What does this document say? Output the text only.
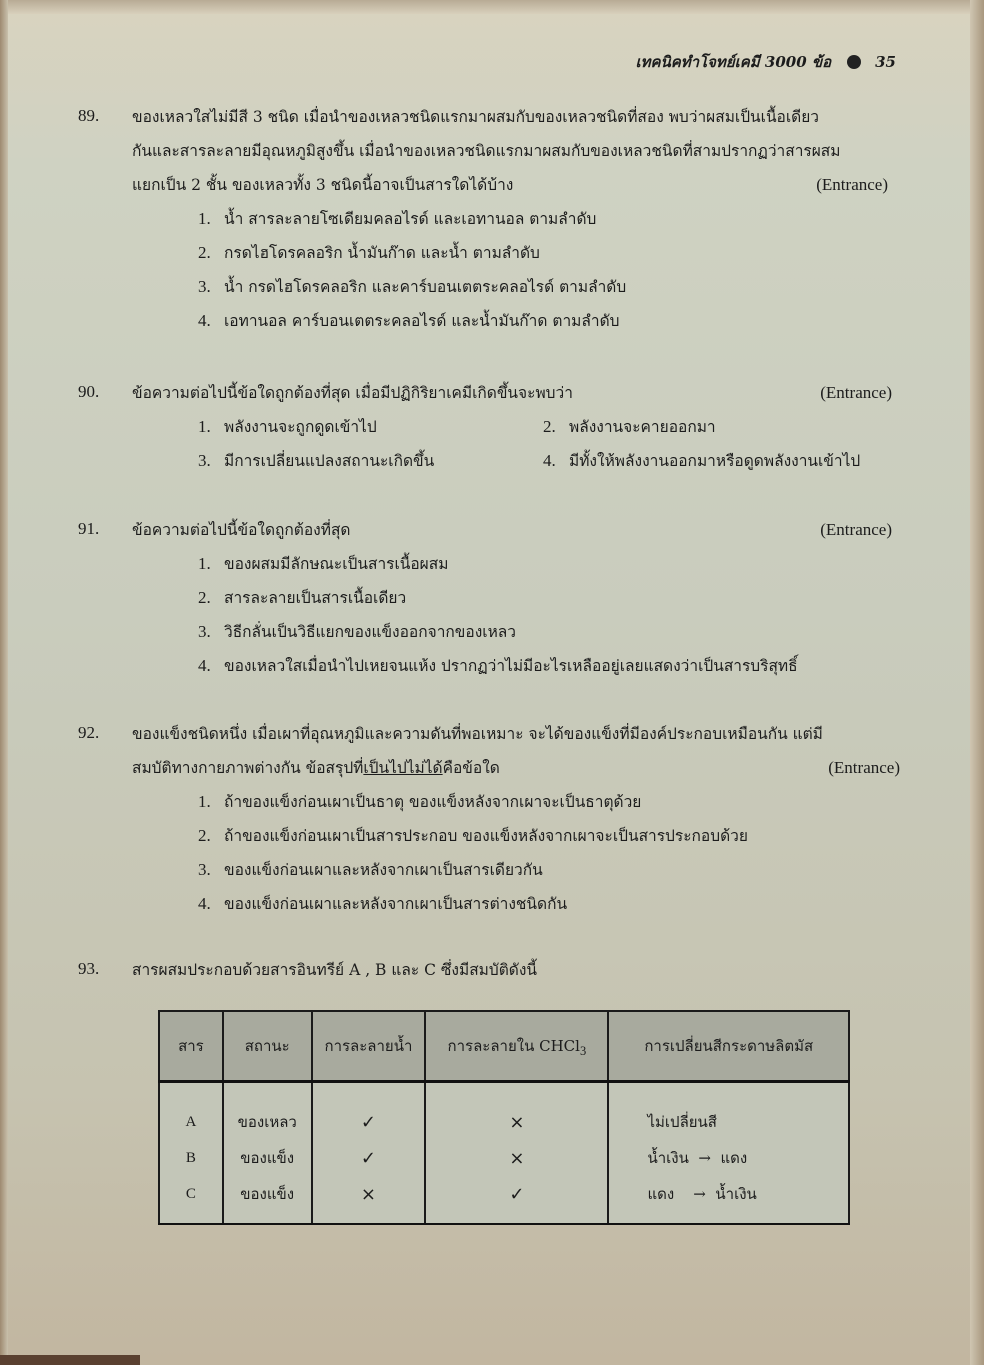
เทคนิคทำโจทย์เคมี 3000 ข้อ	35
89.	ของเหลวใสไม่มีสี 3 ชนิด เมื่อนำของเหลวชนิดแรกมาผสมกับของเหลวชนิดที่สอง พบว่าผสมเป็นเนื้อเดียว
กันและสารละลายมีอุณหภูมิสูงขึ้น เมื่อนำของเหลวชนิดแรกมาผสมกับของเหลวชนิดที่สามปรากฏว่าสารผสม
แยกเป็น 2 ชั้น ของเหลวทั้ง 3 ชนิดนี้อาจเป็นสารใดได้บ้าง	(Entrance)
1. น้ำ สารละลายโซเดียมคลอไรด์ และเอทานอล ตามลำดับ
2. กรดไฮโดรคลอริก น้ำมันก๊าด และน้ำ ตามลำดับ
3. น้ำ กรดไฮโดรคลอริก และคาร์บอนเตตระคลอไรด์ ตามลำดับ
4. เอทานอล คาร์บอนเตตระคลอไรด์ และน้ำมันก๊าด ตามลำดับ
90.	ข้อความต่อไปนี้ข้อใดถูกต้องที่สุด เมื่อมีปฏิกิริยาเคมีเกิดขึ้นจะพบว่า	(Entrance)
1. พลังงานจะถูกดูดเข้าไป	2. พลังงานจะคายออกมา
3. มีการเปลี่ยนแปลงสถานะเกิดขึ้น	4. มีทั้งให้พลังงานออกมาหรือดูดพลังงานเข้าไป
91.	ข้อความต่อไปนี้ข้อใดถูกต้องที่สุด	(Entrance)
1. ของผสมมีลักษณะเป็นสารเนื้อผสม
2. สารละลายเป็นสารเนื้อเดียว
3. วิธีกลั่นเป็นวิธีแยกของแข็งออกจากของเหลว
4. ของเหลวใสเมื่อนำไปเหยจนแห้ง ปรากฏว่าไม่มีอะไรเหลืออยู่เลยแสดงว่าเป็นสารบริสุทธิ์
92.	ของแข็งชนิดหนึ่ง เมื่อเผาที่อุณหภูมิและความดันที่พอเหมาะ จะได้ของแข็งที่มีองค์ประกอบเหมือนกัน แต่มี
สมบัติทางกายภาพต่างกัน ข้อสรุปที่เป็นไปไม่ได้คือข้อใด	(Entrance)
1. ถ้าของแข็งก่อนเผาเป็นธาตุ ของแข็งหลังจากเผาจะเป็นธาตุด้วย
2. ถ้าของแข็งก่อนเผาเป็นสารประกอบ ของแข็งหลังจากเผาจะเป็นสารประกอบด้วย
3. ของแข็งก่อนเผาและหลังจากเผาเป็นสารเดียวกัน
4. ของแข็งก่อนเผาและหลังจากเผาเป็นสารต่างชนิดกัน
93.	สารผสมประกอบด้วยสารอินทรีย์ A , B และ C ซึ่งมีสมบัติดังนี้
สาร	สถานะ	การละลายน้ำ	การละลายใน CHCl$_3$	การเปลี่ยนสีกระดาษลิตมัส
A	ของเหลว	✓	×	ไม่เปลี่ยนสี
B	ของแข็ง	✓	×	น้ำเงิน  →  แดง
C	ของแข็ง	×	✓	แดง    →  น้ำเงิน
